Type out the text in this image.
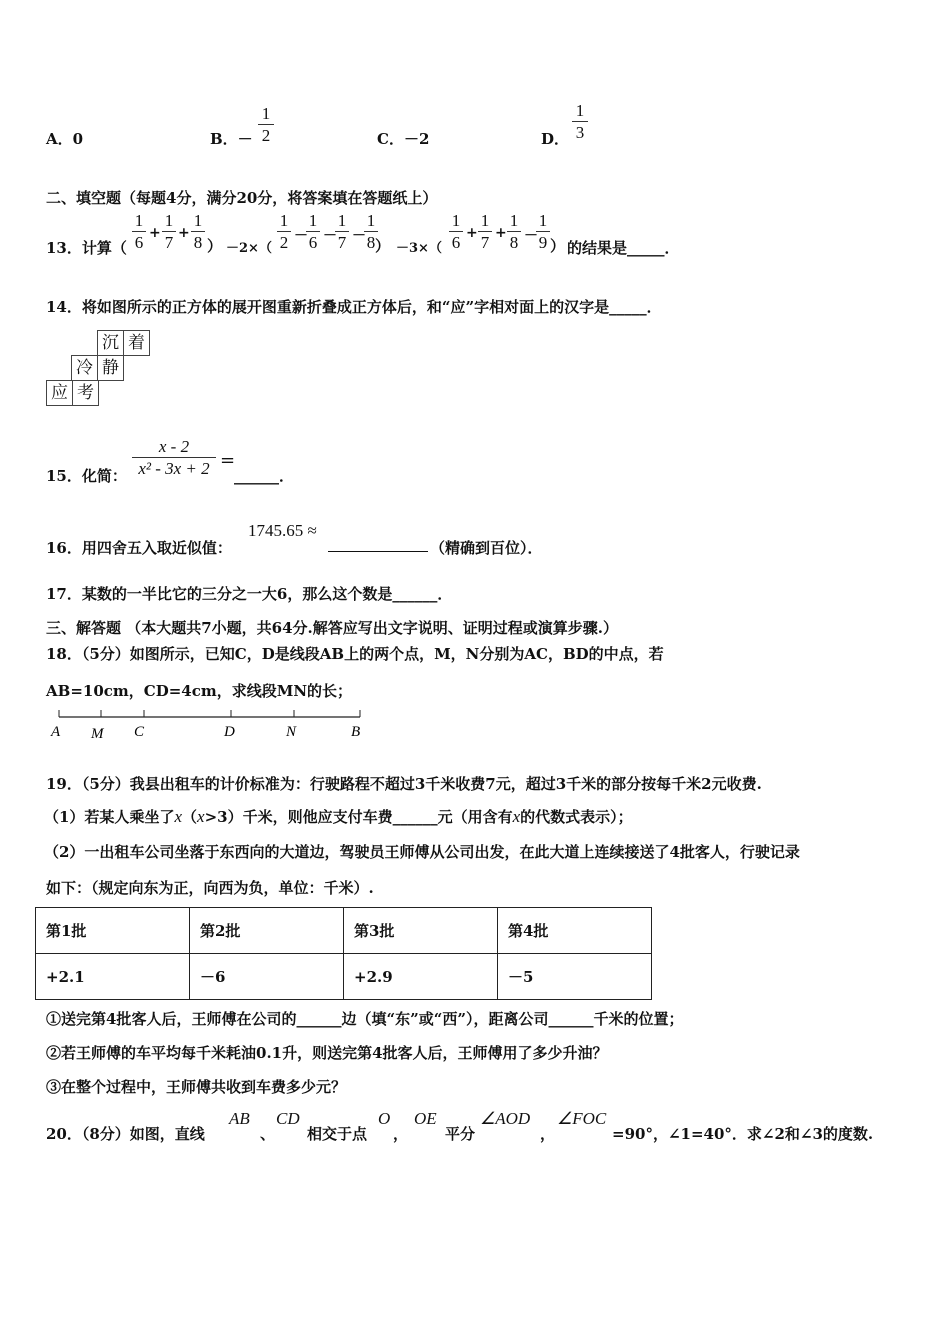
A．0	B．－
1
2	C．－2	D．
1
3
二、填空题（每题4分，满分20分，将答案填在答题纸上）
13．计算（
1
6
1
7
1
8
1
2
1
6
1
7
1
8
1
6
1
7
1
8
1
9
+ +	－ － －	+ + －
） －2×（	） －3×（	） 的结果是_____．
14．将如图所示的正方体的展开图重新折叠成正方体后，和“应”字相对面上的汉字是_____．
沉 着
冷 静
应 考
15．化简：
x - 2
x² - 3x + 2 =
______．
16．用四舍五入取近似值：
1745.65 ≈
（精确到百位）．
17．某数的一半比它的三分之一大6，那么这个数是______．
三、解答题 （本大题共7小题，共64分.解答应写出文字说明、证明过程或演算步骤.）
18．（5分）如图所示，已知C，D是线段AB上的两个点，M，N分别为AC，BD的中点，若
AB=10cm，CD=4cm，求线段MN的长；
A M C	D	N	B
19．（5分）我县出租车的计价标准为：行驶路程不超过3千米收费7元，超过3千米的部分按每千米2元收费.
（1）若某人乘坐了x（x>3）千米，则他应支付车费______元（用含有x的代数式表示）；
（2）一出租车公司坐落于东西向的大道边，驾驶员王师傅从公司出发，在此大道上连续接送了4批客人，行驶记录
如下：（规定向东为正，向西为负，单位：千米）.
第1批	第2批	第3批	第4批
+2.1	－6	+2.9	－5
①送完第4批客人后，王师傅在公司的______边（填“东”或“西”），距离公司______千米的位置；
②若王师傅的车平均每千米耗油0.1升，则送完第4批客人后，王师傅用了多少升油？
③在整个过程中，王师傅共收到车费多少元？
20．（8分）如图，直线
AB
、
CD
相交于点
O
，
OE
平分
∠AOD
，
∠FOC
=90°，∠1=40°．求∠2和∠3的度数.
